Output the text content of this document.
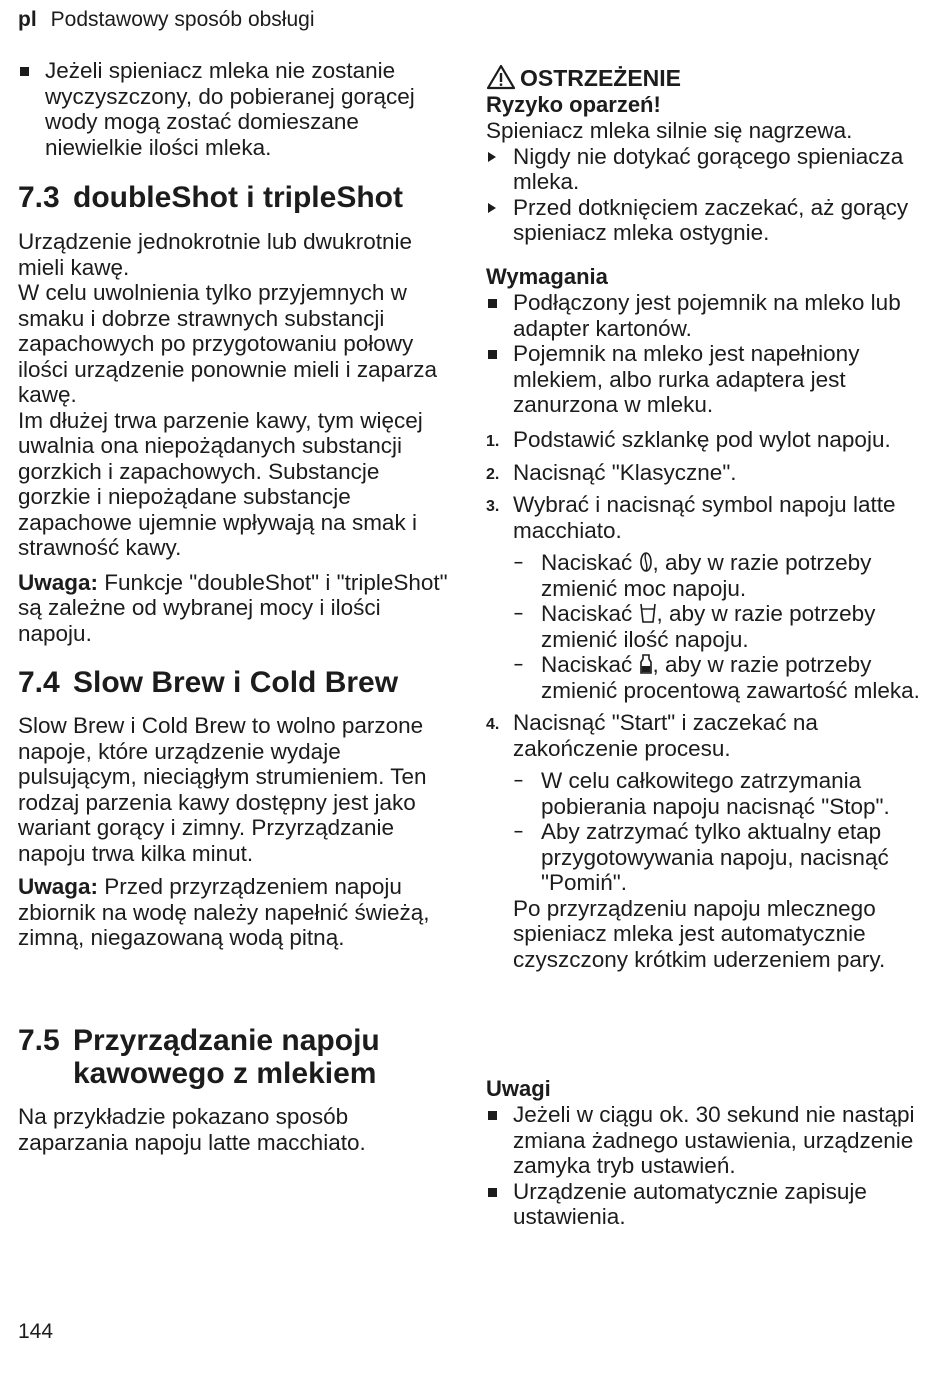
pl Podstawowy sposób obsługi
Jeżeli spieniacz mleka nie zostanie wyczyszczony, do pobieranej gorącej wody mogą zostać domieszane niewielkie ilości mleka.
7.3 doubleShot i tripleShot

Urządzenie jednokrotnie lub dwukrotnie mieli kawę.

W celu uwolnienia tylko przyjemnych w smaku i dobrze strawnych substancji zapachowych po przygotowaniu połowy ilości urządzenie ponownie mieli i zaparza kawę.

Im dłużej trwa parzenie kawy, tym więcej uwalnia ona niepożądanych substancji gorzkich i zapachowych. Substancje gorzkie i niepożądane substancje zapachowe ujemnie wpływają na smak i strawność kawy.

Uwaga: Funkcje "doubleShot" i "tripleShot" są zależne od wybranej mocy i ilości napoju.

7.4 Slow Brew i Cold Brew

Slow Brew i Cold Brew to wolno parzone napoje, które urządzenie wydaje pulsującym, nieciągłym strumieniem. Ten rodzaj parzenia kawy dostępny jest jako wariant gorący i zimny. Przyrządzanie napoju trwa kilka minut.

Uwaga: Przed przyrządzeniem napoju zbiornik na wodę należy napełnić świeżą, zimną, niegazowaną wodą pitną.

7.5 Przyrządzanie napoju kawowego z mlekiem

Na przykładzie pokazano sposób zaparzania napoju latte macchiato.

OSTRZEŻENIE
Ryzyko oparzeń!

Spieniacz mleka silnie się nagrzewa.

Nigdy nie dotykać gorącego spieniacza mleka.
Przed dotknięciem zaczekać, aż gorący spieniacz mleka ostygnie.
Wymagania
Podłączony jest pojemnik na mleko lub adapter kartonów.
Pojemnik na mleko jest napełniony mlekiem, albo rurka adaptera jest zanurzona w mleku.
1. Podstawić szklankę pod wylot napoju.
2. Nacisnąć "Klasyczne".
3. Wybrać i nacisnąć symbol napoju latte macchiato.
– Naciskać , aby w razie potrzeby zmienić moc napoju.
– Naciskać , aby w razie potrzeby zmienić ilość napoju.
– Naciskać , aby w razie potrzeby zmienić procentową zawartość mleka.
4. Nacisnąć "Start" i zaczekać na zakończenie procesu.
– W celu całkowitego zatrzymania pobierania napoju nacisnąć "Stop".
– Aby zatrzymać tylko aktualny etap przygotowywania napoju, nacisnąć "Pomiń".

Po przyrządzeniu napoju mlecznego spieniacz mleka jest automatycznie czyszczony krótkim uderzeniem pary.

Uwagi
Jeżeli w ciągu ok. 30 sekund nie nastąpi zmiana żadnego ustawienia, urządzenie zamyka tryb ustawień.
Urządzenie automatycznie zapisuje ustawienia.
144
